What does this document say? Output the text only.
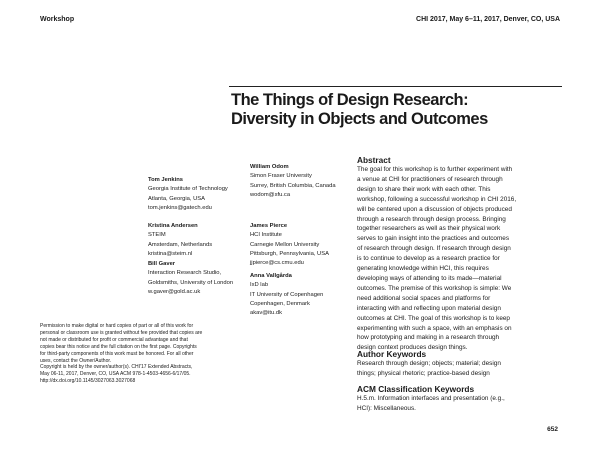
Workshop	CHI 2017, May 6–11, 2017, Denver, CO, USA
The Things of Design Research:
Diversity in Objects and Outcomes
Tom Jenkins
Georgia Institute of Technology
Atlanta, Georgia, USA
tom.jenkins@gatech.edu
Kristina Andersen
STEIM
Amsterdam, Netherlands
kristina@steim.nl
Bill Gaver
Interaction Research Studio,
Goldsmiths, University of London
w.gaver@gold.ac.uk
William Odom
Simon Fraser University
Surrey, British Columbia, Canada
wodom@sfu.ca
James Pierce
HCI Institute
Carnegie Mellon University
Pittsburgh, Pennsylvania, USA
jjpierce@cs.cmu.edu
Anna Vallgårda
IxD lab
IT University of Copenhagen
Copenhagen, Denmark
akav@itu.dk
Permission to make digital or hard copies of part or all of this work for
personal or classroom use is granted without fee provided that copies are
not made or distributed for profit or commercial advantage and that
copies bear this notice and the full citation on the first page. Copyrights
for third-party components of this work must be honored. For all other
uses, contact the Owner/Author.
Copyright is held by the owner/author(s). CHI'17 Extended Abstracts,
May 06-11, 2017, Denver, CO, USA ACM 978-1-4503-4656-6/17/05.
http://dx.doi.org/10.1145/3027063.3027068
Abstract
The goal for this workshop is to further experiment with
a venue at CHI for practitioners of research through
design to share their work with each other. This
workshop, following a successful workshop in CHI 2016,
will be centered upon a discussion of objects produced
through a research through design process. Bringing
together researchers as well as their physical work
serves to gain insight into the practices and outcomes
of research through design. If research through design
is to continue to develop as a research practice for
generating knowledge within HCI, this requires
developing ways of attending to its made—material
outcomes. The premise of this workshop is simple: We
need additional social spaces and platforms for
interacting with and reflecting upon material design
outcomes at CHI. The goal of this workshop is to keep
experimenting with such a space, with an emphasis on
how prototyping and making in a research through
design context produces design things.
Author Keywords
Research through design; objects; material; design
things; physical rhetoric; practice-based design
ACM Classification Keywords
H.5.m. Information interfaces and presentation (e.g.,
HCI): Miscellaneous.
652
